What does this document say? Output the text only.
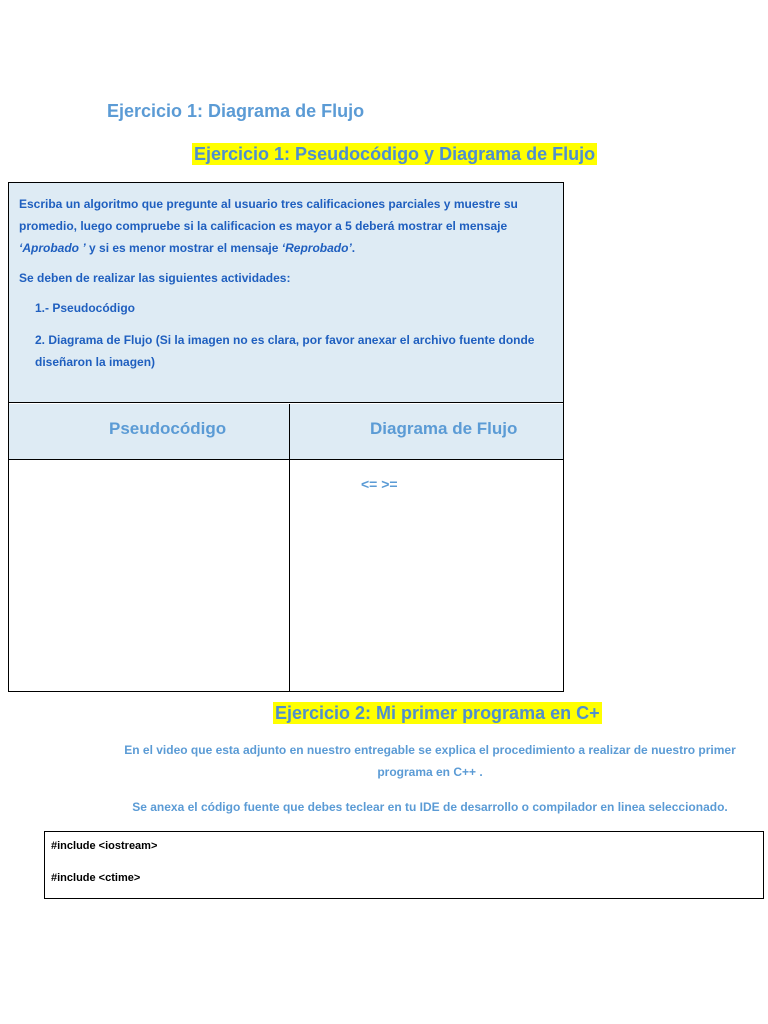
Ejercicio 1: Diagrama de Flujo
Ejercicio 1: Pseudocódigo y Diagrama de Flujo

Escriba un algoritmo que pregunte al usuario tres calificaciones parciales y muestre su promedio, luego compruebe si la calificacion es mayor a 5 deberá mostrar el mensaje ‘Aprobado ’ y si es menor mostrar el mensaje ‘Reprobado’.

Se deben de realizar las siguientes actividades:

1.- Pseudocódigo

2. Diagrama de Flujo (Si la imagen no es clara, por favor anexar el archivo fuente donde diseñaron la imagen)

Pseudocódigo	Diagrama de Flujo
<= >=
Ejercicio 2: Mi primer programa en C+
En el video que esta adjunto en nuestro entregable se explica el procedimiento a realizar de nuestro primer programa en C++ .
Se anexa el código fuente que debes teclear en tu IDE de desarrollo o compilador en linea seleccionado.

#include <iostream>

#include <ctime>
